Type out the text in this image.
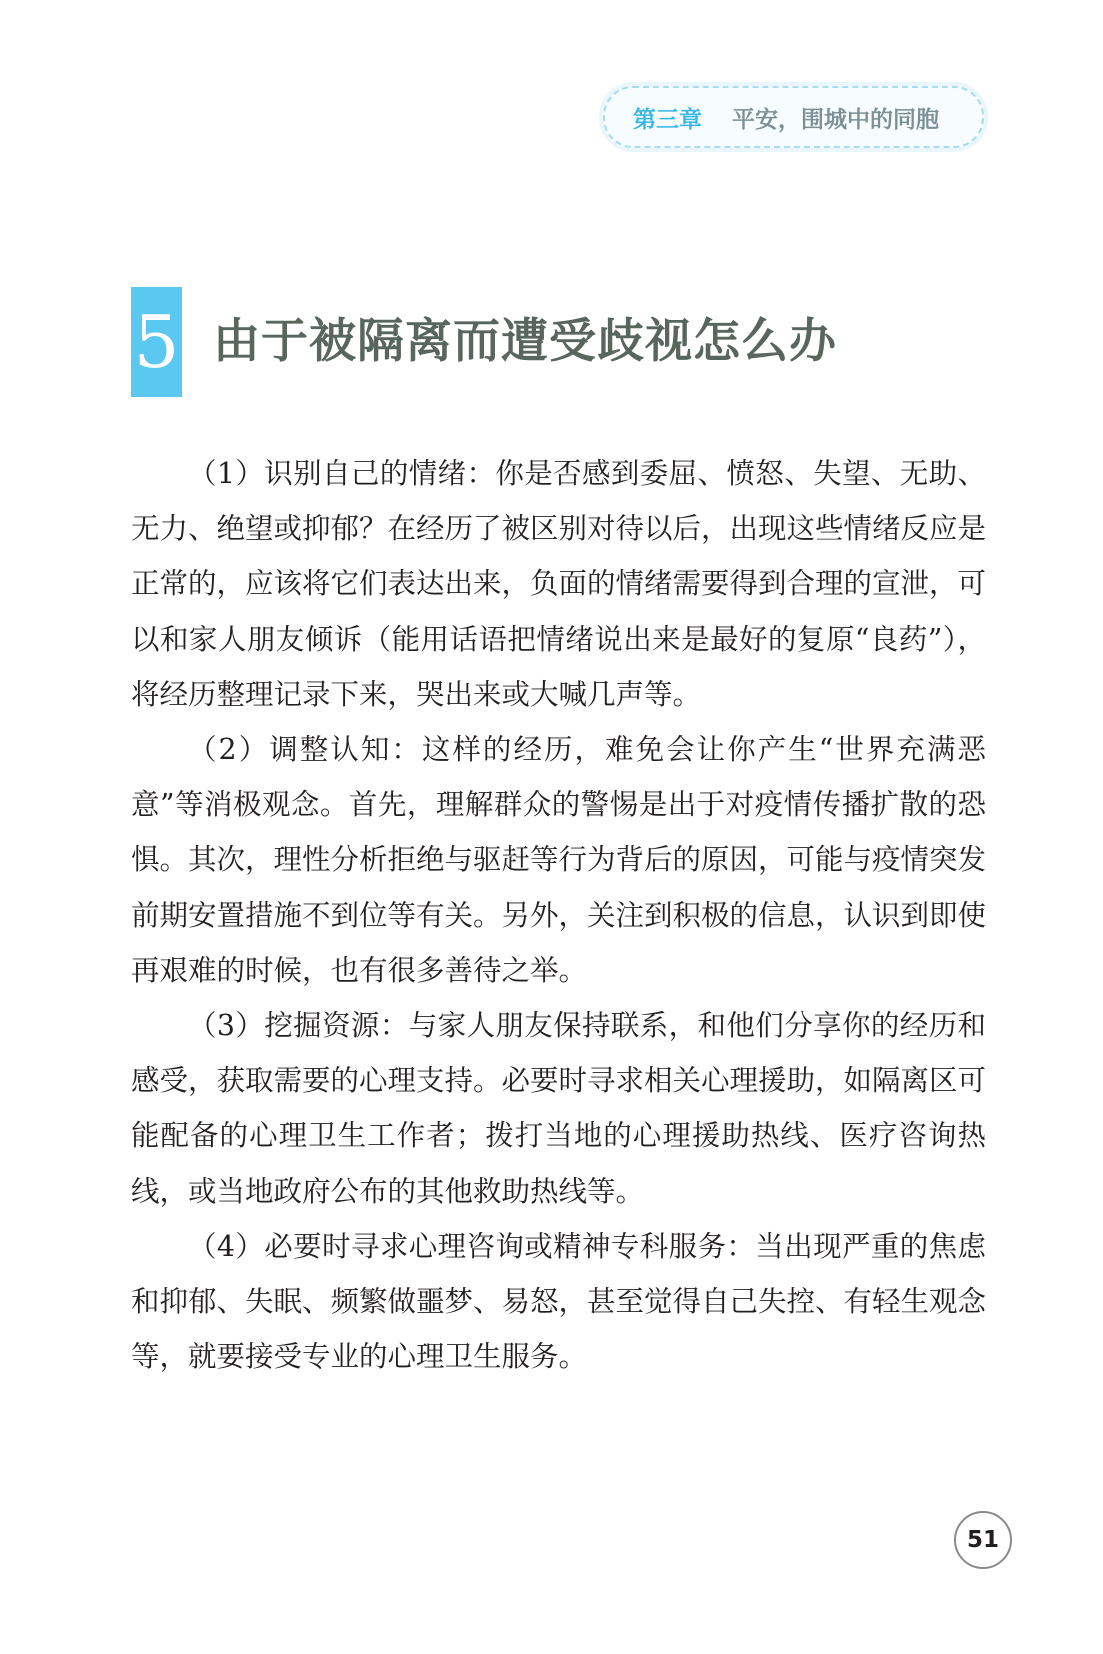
第三章 平安，围城中的同胞
5 由于被隔离而遭受歧视怎么办

（1）识别自己的情绪：你是否感到委屈、愤怒、失望、无助、无力、绝望或抑郁？在经历了被区别对待以后，出现这些情绪反应是正常的，应该将它们表达出来，负面的情绪需要得到合理的宣泄，可以和家人朋友倾诉（能用话语把情绪说出来是最好的复原“良药”），将经历整理记录下来，哭出来或大喊几声等。

（2）调整认知：这样的经历，难免会让你产生“世界充满恶意”等消极观念。首先，理解群众的警惕是出于对疫情传播扩散的恐惧。其次，理性分析拒绝与驱赶等行为背后的原因，可能与疫情突发前期安置措施不到位等有关。另外，关注到积极的信息，认识到即使再艰难的时候，也有很多善待之举。

（3）挖掘资源：与家人朋友保持联系，和他们分享你的经历和感受，获取需要的心理支持。必要时寻求相关心理援助，如隔离区可能配备的心理卫生工作者；拨打当地的心理援助热线、医疗咨询热线，或当地政府公布的其他救助热线等。

（4）必要时寻求心理咨询或精神专科服务：当出现严重的焦虑和抑郁、失眠、频繁做噩梦、易怒，甚至觉得自己失控、有轻生观念等，就要接受专业的心理卫生服务。

51
